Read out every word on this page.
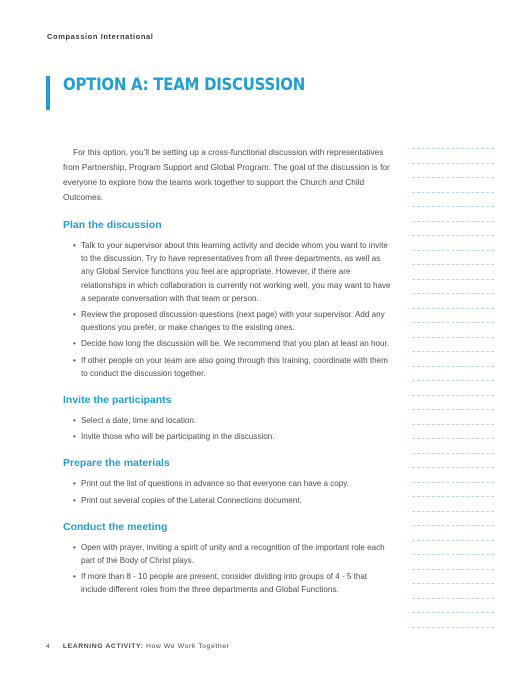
Compassion International
OPTION A: TEAM DISCUSSION

For this option, you’ll be setting up a cross-functional discussion with representatives from Partnership, Program Support and Global Program. The goal of the discussion is for everyone to explore how the teams work together to support the Church and Child Outcomes.

Plan the discussion
• Talk to your supervisor about this learning activity and decide whom you want to invite to the discussion. Try to have representatives from all three departments, as well as any Global Service functions you feel are appropriate. However, if there are relationships in which collaboration is currently not working well, you may want to have a separate conversation with that team or person.
• Review the proposed discussion questions (next page) with your supervisor. Add any questions you prefer, or make changes to the existing ones.
• Decide how long the discussion will be. We recommend that you plan at least an hour.
• If other people on your team are also going through this training, coordinate with them to conduct the discussion together.
Invite the participants
• Select a date, time and location.
• Invite those who will be participating in the discussion.
Prepare the materials
• Print out the list of questions in advance so that everyone can have a copy.
• Print out several copies of the Lateral Connections document.
Conduct the meeting
• Open with prayer, inviting a spirit of unity and a recognition of the important role each part of the Body of Christ plays.
• If more than 8 - 10 people are present, consider dividing into groups of 4 - 5 that include different roles from the three departments and Global Functions.
4 LEARNING ACTIVITY: How We Work Together
